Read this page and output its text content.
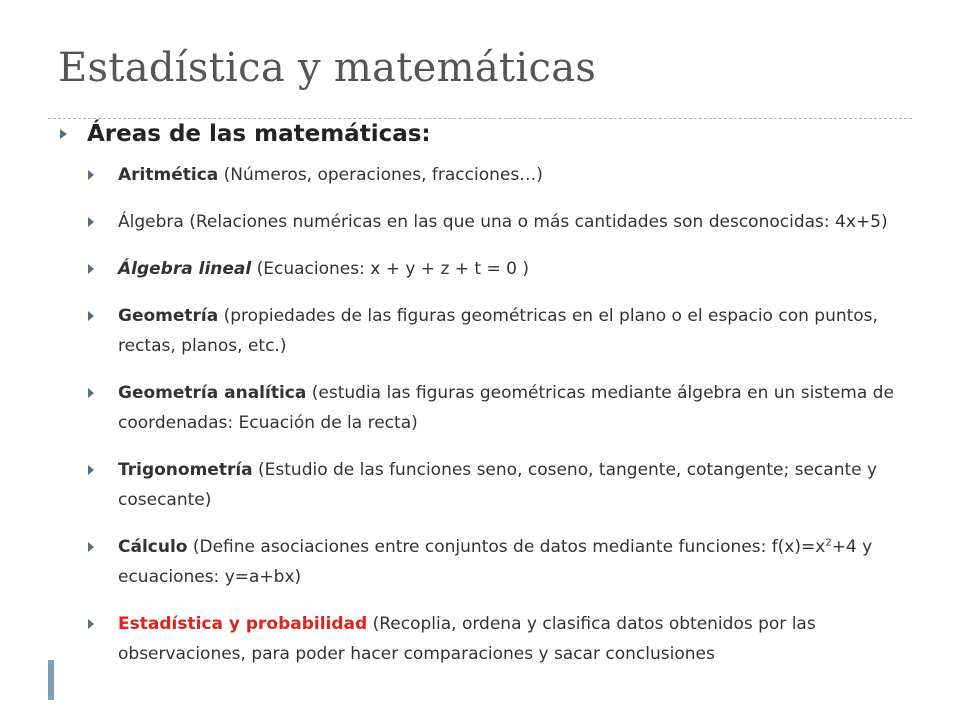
Estadística y matemáticas

Áreas de las matemáticas:

Aritmética (Números, operaciones, fracciones…)
Álgebra (Relaciones numéricas en las que una o más cantidades son desconocidas: 4x+5)
Álgebra lineal (Ecuaciones: x + y + z + t = 0 )
Geometría (propiedades de las figuras geométricas en el plano o el espacio con puntos, rectas, planos, etc.)
Geometría analítica (estudia las figuras geométricas mediante álgebra en un sistema de coordenadas: Ecuación de la recta)
Trigonometría (Estudio de las funciones seno, coseno, tangente, cotangente; secante y cosecante)
Cálculo (Define asociaciones entre conjuntos de datos mediante funciones: $f(x)=x^2+4$ y ecuaciones: y=a+bx)
Estadística y probabilidad (Recoplia, ordena y clasifica datos obtenidos por las observaciones, para poder hacer comparaciones y sacar conclusiones
